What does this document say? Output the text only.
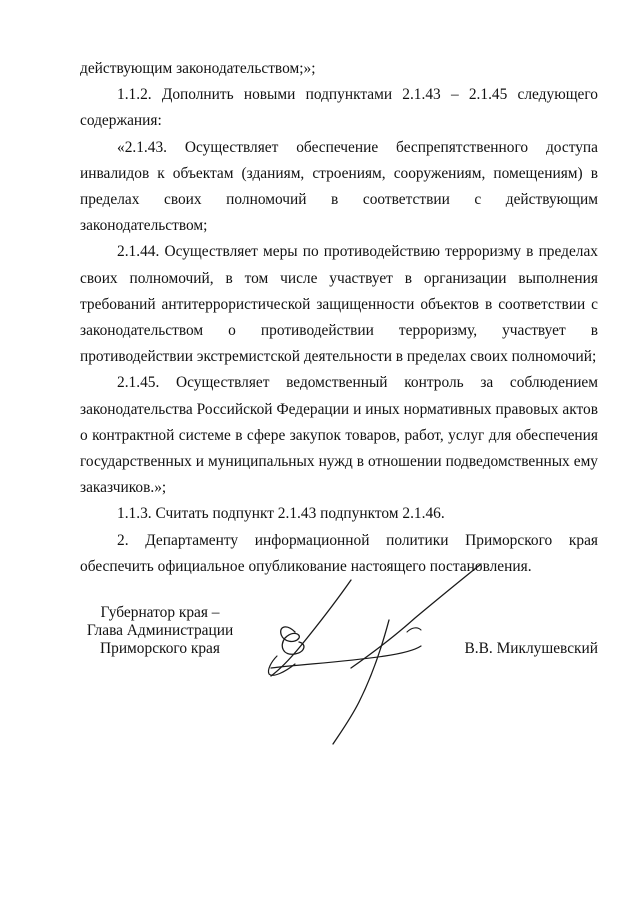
действующим законодательством;»;

1.1.2. Дополнить новыми подпунктами 2.1.43 – 2.1.45 следующего содержания:

«2.1.43. Осуществляет обеспечение беспрепятственного доступа инвалидов к объектам (зданиям, строениям, сооружениям, помещениям) в пределах своих полномочий в соответствии с действующим законодательством;

2.1.44. Осуществляет меры по противодействию терроризму в пределах своих полномочий, в том числе участвует в организации выполнения требований антитеррористической защищенности объектов в соответствии с законодательством о противодействии терроризму, участвует в противодействии экстремистской деятельности в пределах своих полномочий;

2.1.45. Осуществляет ведомственный контроль за соблюдением законодательства Российской Федерации и иных нормативных правовых актов о контрактной системе в сфере закупок товаров, работ, услуг для обеспечения государственных и муниципальных нужд в отношении подведомственных ему заказчиков.»;

1.1.3. Считать подпункт 2.1.43 подпунктом 2.1.46.

2. Департаменту информационной политики Приморского края обеспечить официальное опубликование настоящего постановления.

Губернатор края –
Глава Администрации
Приморского края	В.В. Миклушевский
